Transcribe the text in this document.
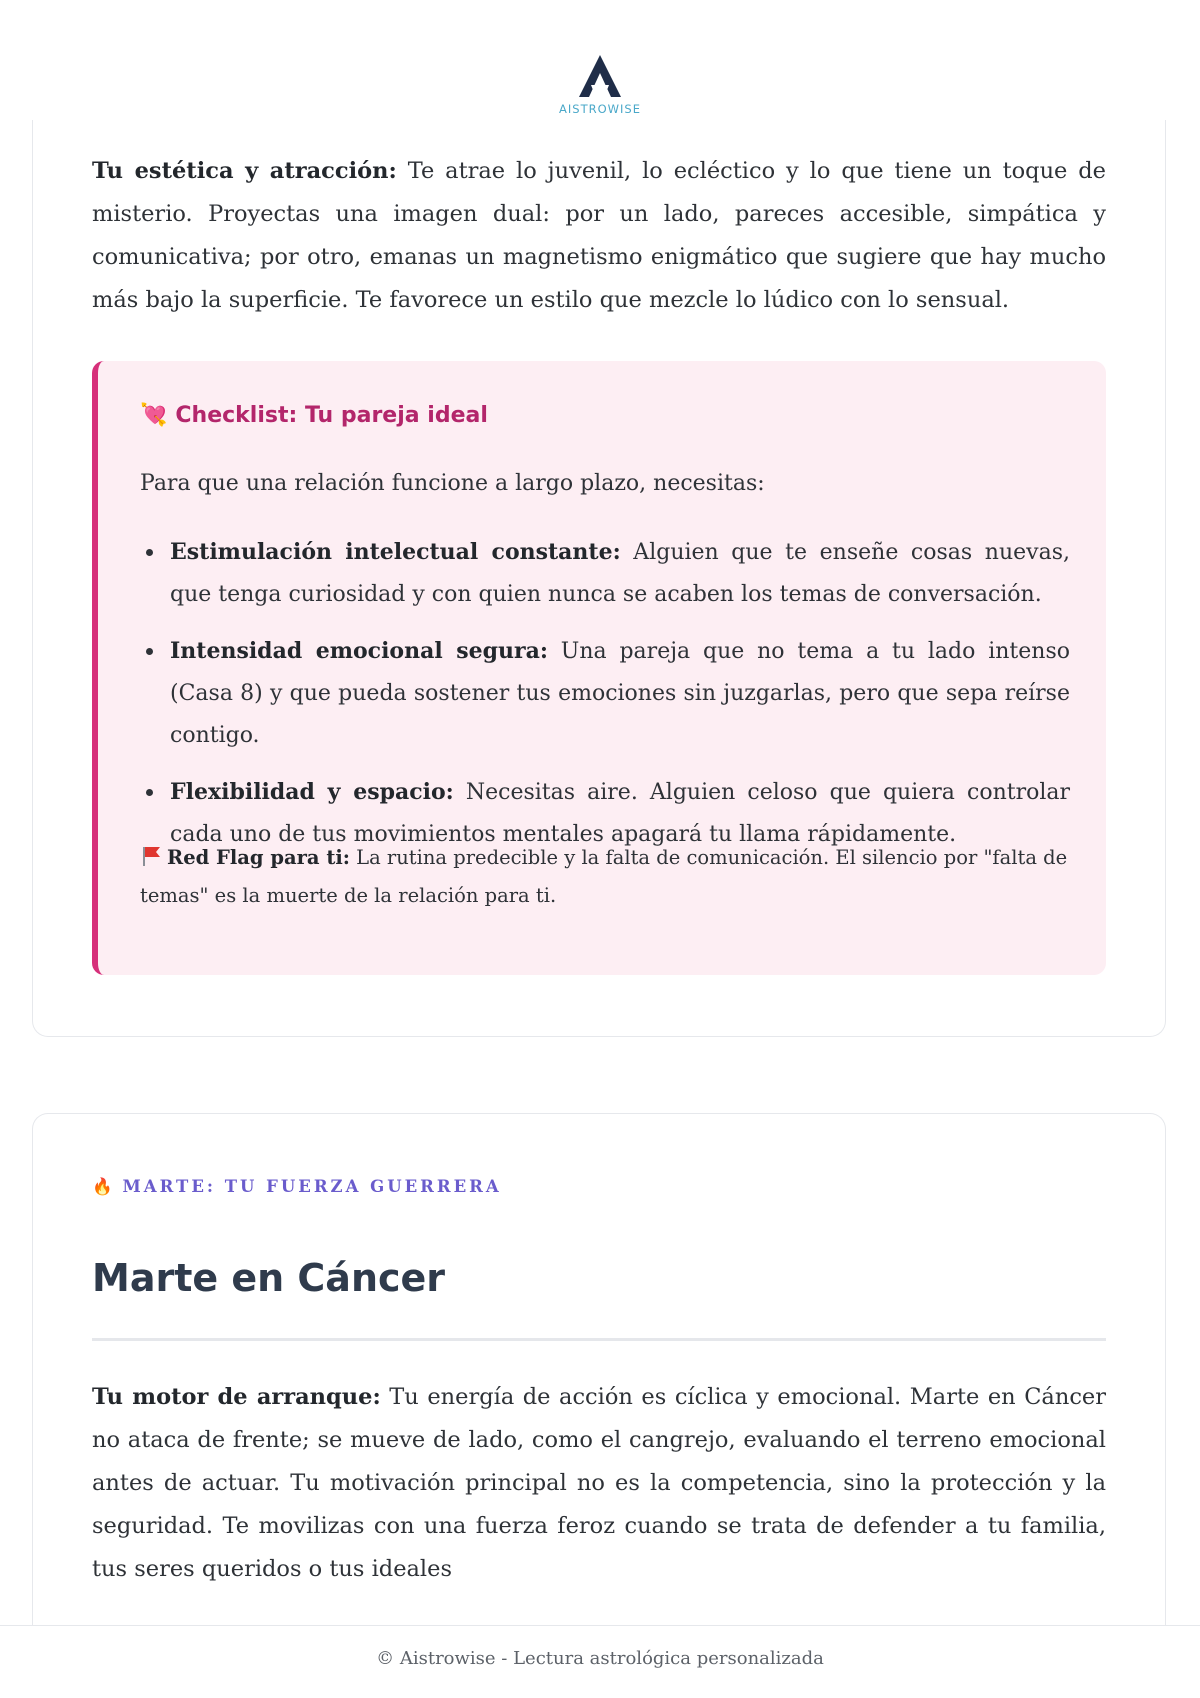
AISTROWISE

Tu estética y atracción: Te atrae lo juvenil, lo ecléctico y lo que tiene un toque de misterio. Proyectas una imagen dual: por un lado, pareces accesible, simpática y comunicativa; por otro, emanas un magnetismo enigmático que sugiere que hay mucho más bajo la superficie. Te favorece un estilo que mezcle lo lúdico con lo sensual.

💘 Checklist: Tu pareja ideal

Para que una relación funcione a largo plazo, necesitas:

Estimulación intelectual constante: Alguien que te enseñe cosas nuevas, que tenga curiosidad y con quien nunca se acaben los temas de conversación.
Intensidad emocional segura: Una pareja que no tema a tu lado intenso (Casa 8) y que pueda sostener tus emociones sin juzgarlas, pero que sepa reírse contigo.
Flexibilidad y espacio: Necesitas aire. Alguien celoso que quiera controlar cada uno de tus movimientos mentales apagará tu llama rápidamente.

Red Flag para ti: La rutina predecible y la falta de comunicación. El silencio por "falta de temas" es la muerte de la relación para ti.

🔥 MARTE: TU FUERZA GUERRERA

Marte en Cáncer

Tu motor de arranque: Tu energía de acción es cíclica y emocional. Marte en Cáncer no ataca de frente; se mueve de lado, como el cangrejo, evaluando el terreno emocional antes de actuar. Tu motivación principal no es la competencia, sino la protección y la seguridad. Te movilizas con una fuerza feroz cuando se trata de defender a tu familia, tus seres queridos o tus ideales

© Aistrowise - Lectura astrológica personalizada
